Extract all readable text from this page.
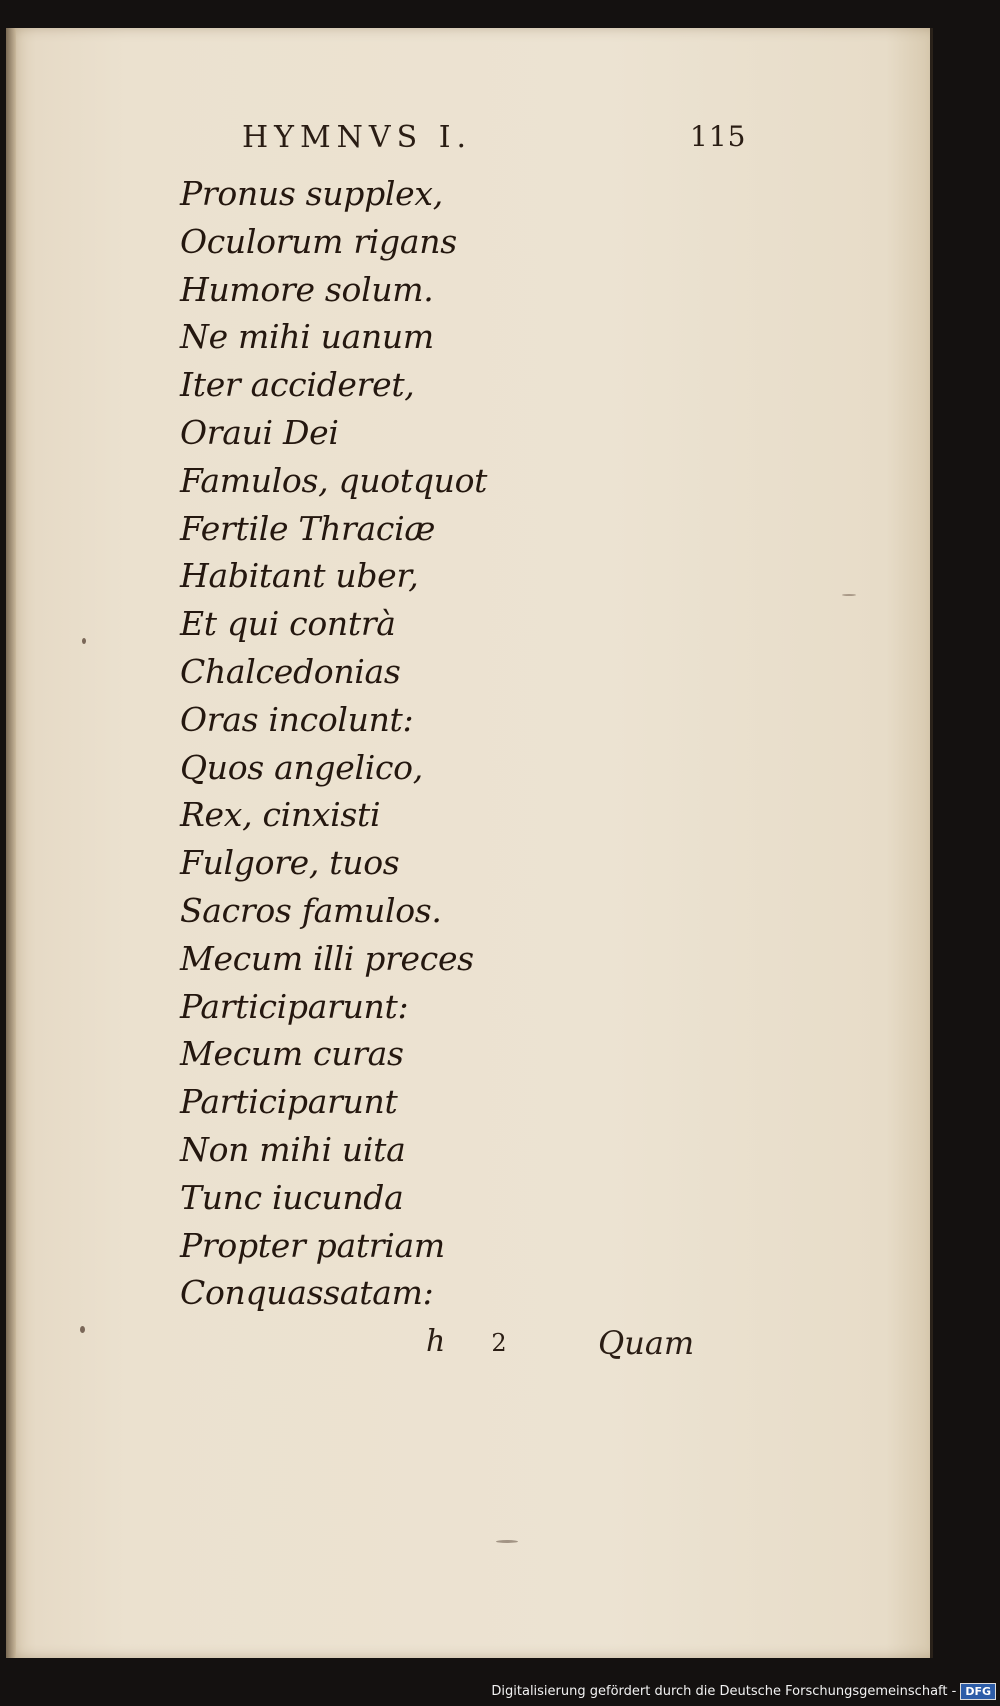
HYMNVS I.	115
Pronus supplex,
Oculorum rigans
Humore solum.
Ne mihi uanum
Iter accideret,
Oraui Dei
Famulos, quotquot
Fertile Thraciæ
Habitant uber,
Et qui contrà
Chalcedonias
Oras incolunt:
Quos angelico,
Rex, cinxisti
Fulgore, tuos
Sacros famulos.
Mecum illi preces
Participarunt:
Mecum curas
Participarunt
Non mihi uita
Tunc iucunda
Propter patriam
Conquassatam:
h 2	Quam
Digitalisierung gefördert durch die Deutsche Forschungsgemeinschaft - DFG
